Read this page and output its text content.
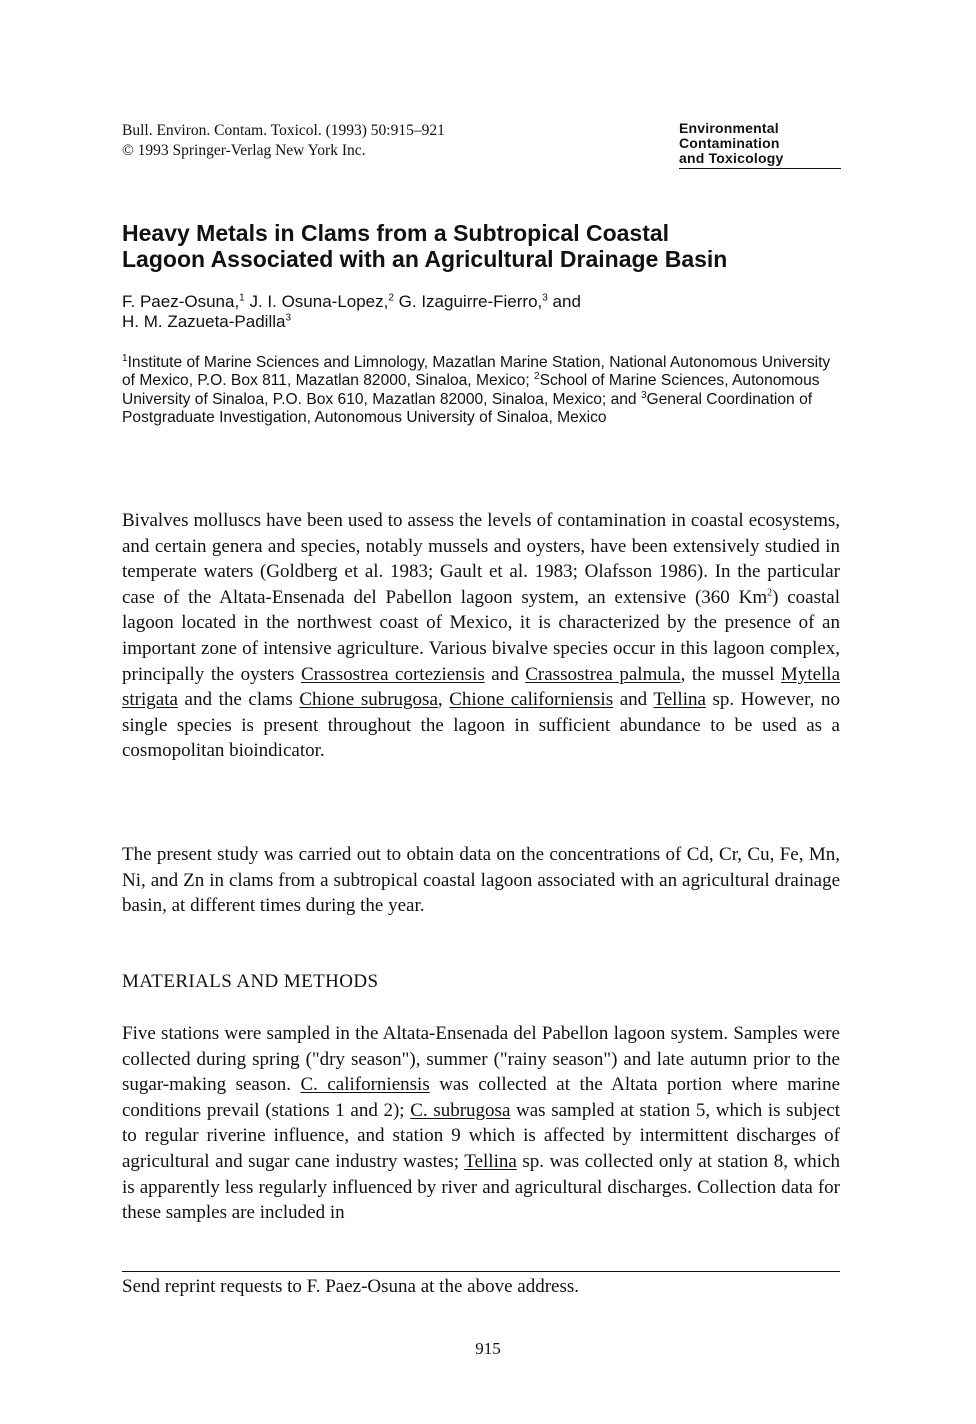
Bull. Environ. Contam. Toxicol. (1993) 50:915–921
© 1993 Springer-Verlag New York Inc.
Environmental
Contamination
and Toxicology
Heavy Metals in Clams from a Subtropical Coastal
Lagoon Associated with an Agricultural Drainage Basin
F. Paez-Osuna,$^1$ J. I. Osuna-Lopez,$^2$ G. Izaguirre-Fierro,$^3$ and
H. M. Zazueta-Padilla$^3$
$^1$Institute of Marine Sciences and Limnology, Mazatlan Marine Station, National Autonomous University of Mexico, P.O. Box 811, Mazatlan 82000, Sinaloa, Mexico; $^2$School of Marine Sciences, Autonomous University of Sinaloa, P.O. Box 610, Mazatlan 82000, Sinaloa, Mexico; and $^3$General Coordination of Postgraduate Investigation, Autonomous University of Sinaloa, Mexico

Bivalves molluscs have been used to assess the levels of contamination in coastal ecosystems, and certain genera and species, notably mussels and oysters, have been extensively studied in temperate waters (Goldberg et al. 1983; Gault et al. 1983; Olafsson 1986). In the particular case of the Altata-Ensenada del Pabellon lagoon system, an extensive (360 Km$^2$) coastal lagoon located in the northwest coast of Mexico, it is characterized by the presence of an important zone of intensive agriculture. Various bivalve species occur in this lagoon complex, principally the oysters Crassostrea corteziensis and Crassostrea palmula, the mussel Mytella strigata and the clams Chione subrugosa, Chione californiensis and Tellina sp. However, no single species is present throughout the lagoon in sufficient abundance to be used as a cosmopolitan bioindicator.

The present study was carried out to obtain data on the concentrations of Cd, Cr, Cu, Fe, Mn, Ni, and Zn in clams from a subtropical coastal lagoon associated with an agricultural drainage basin, at different times during the year.

MATERIALS AND METHODS

Five stations were sampled in the Altata-Ensenada del Pabellon lagoon system. Samples were collected during spring ("dry season"), summer ("rainy season") and late autumn prior to the sugar-making season. C. californiensis was collected at the Altata portion where marine conditions prevail (stations 1 and 2); C. subrugosa was sampled at station 5, which is subject to regular riverine influence, and station 9 which is affected by intermittent discharges of agricultural and sugar cane industry wastes; Tellina sp. was collected only at station 8, which is apparently less regularly influenced by river and agricultural discharges. Collection data for these samples are included in

Send reprint requests to F. Paez-Osuna at the above address.
915
